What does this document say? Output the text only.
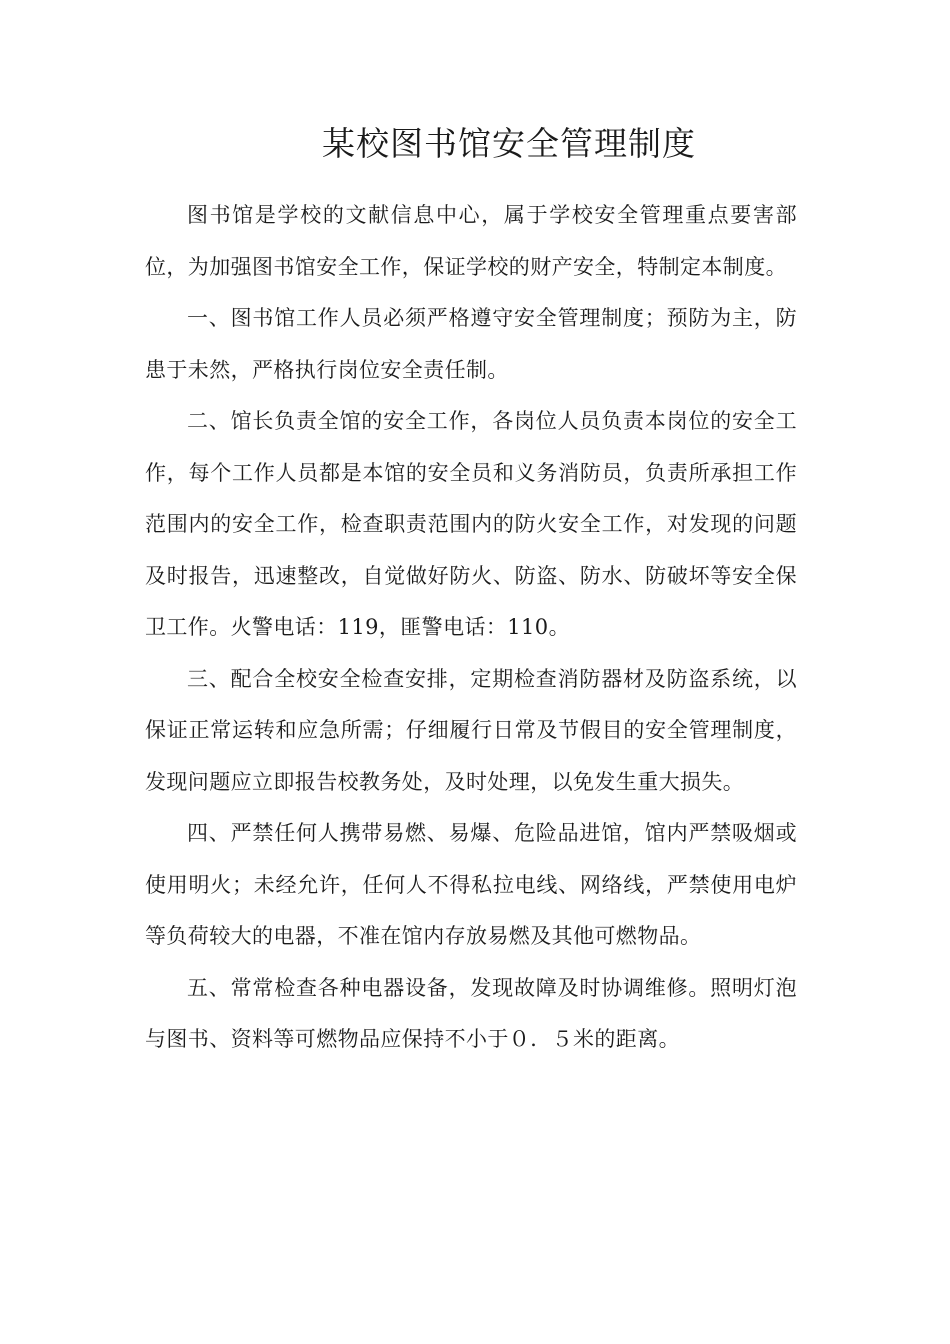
某校图书馆安全管理制度

图书馆是学校的文献信息中心，属于学校安全管理重点要害部位，为加强图书馆安全工作，保证学校的财产安全，特制定本制度。

一、图书馆工作人员必须严格遵守安全管理制度；预防为主，防患于未然，严格执行岗位安全责任制。

二、馆长负责全馆的安全工作，各岗位人员负责本岗位的安全工作，每个工作人员都是本馆的安全员和义务消防员，负责所承担工作范围内的安全工作，检查职责范围内的防火安全工作，对发现的问题及时报告，迅速整改，自觉做好防火、防盗、防水、防破坏等安全保卫工作。火警电话：119，匪警电话：110。

三、配合全校安全检查安排，定期检查消防器材及防盗系统，以保证正常运转和应急所需；仔细履行日常及节假目的安全管理制度，发现问题应立即报告校教务处，及时处理，以免发生重大损失。

四、严禁任何人携带易燃、易爆、危险品进馆，馆内严禁吸烟或使用明火；未经允许，任何人不得私拉电线、网络线，严禁使用电炉等负荷较大的电器，不准在馆内存放易燃及其他可燃物品。

五、常常检查各种电器设备，发现故障及时协调维修。照明灯泡与图书、资料等可燃物品应保持不小于０．５米的距离。
